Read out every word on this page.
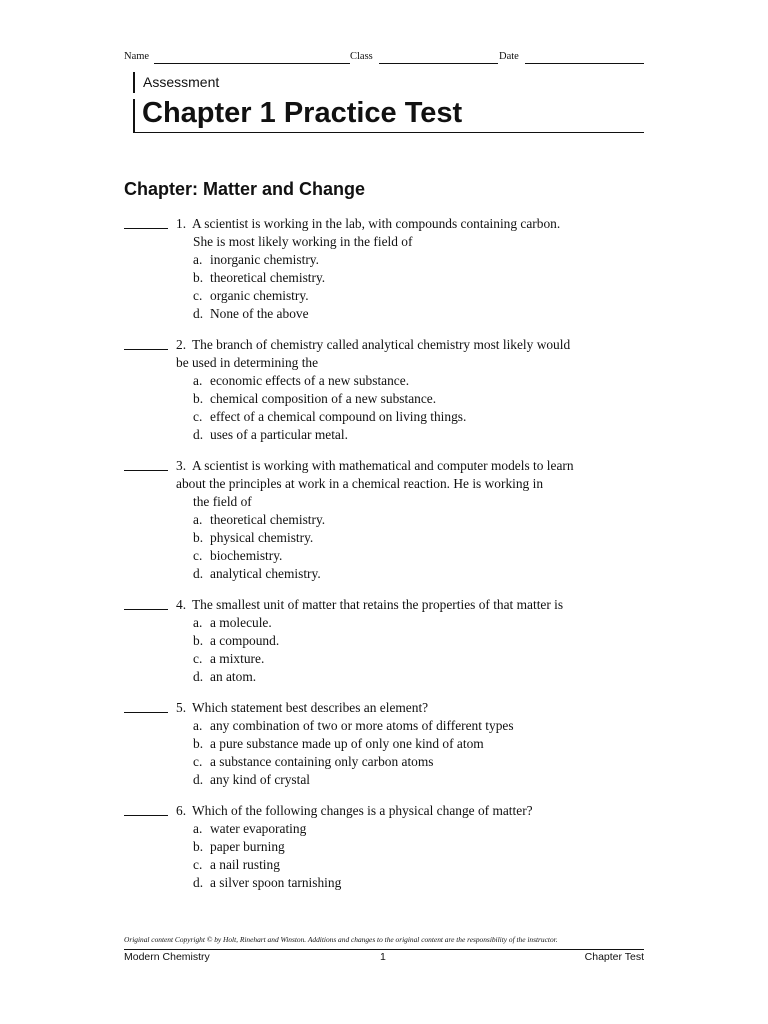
Name	Class	Date
Assessment
Chapter 1 Practice Test
Chapter: Matter and Change
1. A scientist is working in the lab, with compounds containing carbon.
She is most likely working in the field of
a. inorganic chemistry.
b. theoretical chemistry.
c. organic chemistry.
d. None of the above
2. The branch of chemistry called analytical chemistry most likely would
be used in determining the
a. economic effects of a new substance.
b. chemical composition of a new substance.
c. effect of a chemical compound on living things.
d. uses of a particular metal.
3. A scientist is working with mathematical and computer models to learn
about the principles at work in a chemical reaction. He is working in
the field of
a. theoretical chemistry.
b. physical chemistry.
c. biochemistry.
d. analytical chemistry.
4. The smallest unit of matter that retains the properties of that matter is
a. a molecule.
b. a compound.
c. a mixture.
d. an atom.
5. Which statement best describes an element?
a. any combination of two or more atoms of different types
b. a pure substance made up of only one kind of atom
c. a substance containing only carbon atoms
d. any kind of crystal
6. Which of the following changes is a physical change of matter?
a. water evaporating
b. paper burning
c. a nail rusting
d. a silver spoon tarnishing
Original content Copyright © by Holt, Rinehart and Winston. Additions and changes to the original content are the responsibility of the instructor.
Modern Chemistry	1	Chapter Test
